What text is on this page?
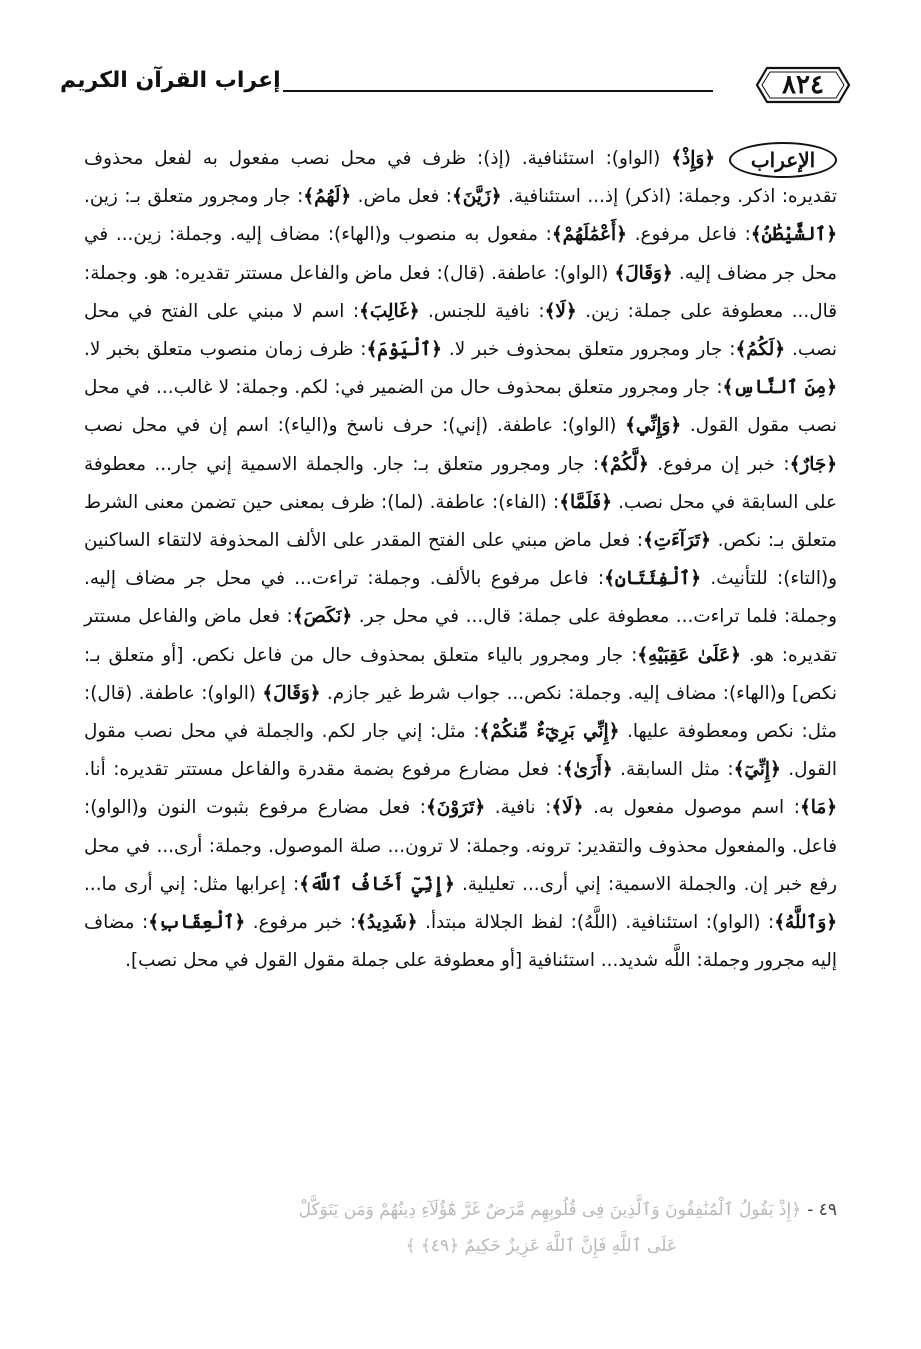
٨٢٤
إعراب القرآن الكريم
الإعراب
﴿وَإِذْ﴾ (الواو): استئنافية. (إذ): ظرف في محل نصب مفعول به لفعل محذوف تقديره: اذكر. وجملة: (اذكر) إذ... استئنافية. ﴿زَيَّنَ﴾: فعل ماض. ﴿لَهُمُ﴾: جار ومجرور متعلق بـ: زين. ﴿ٱلشَّيْطَٰنُ﴾: فاعل مرفوع. ﴿أَعْمَٰلَهُمْ﴾: مفعول به منصوب و(الهاء): مضاف إليه. وجملة: زين... في محل جر مضاف إليه. ﴿وَقَالَ﴾ (الواو): عاطفة. (قال): فعل ماض والفاعل مستتر تقديره: هو. وجملة: قال... معطوفة على جملة: زين. ﴿لَا﴾: نافية للجنس. ﴿غَالِبَ﴾: اسم لا مبني على الفتح في محل نصب. ﴿لَكُمُ﴾: جار ومجرور متعلق بمحذوف خبر لا. ﴿ٱلْيَوْمَ﴾: ظرف زمان منصوب متعلق بخبر لا. ﴿مِنَ ٱلنَّاسِ﴾: جار ومجرور متعلق بمحذوف حال من الضمير في: لكم. وجملة: لا غالب... في محل نصب مقول القول. ﴿وَإِنِّي﴾ (الواو): عاطفة. (إني): حرف ناسخ و(الياء): اسم إن في محل نصب ﴿جَارٌ﴾: خبر إن مرفوع. ﴿لَّكُمْ﴾: جار ومجرور متعلق بـ: جار. والجملة الاسمية إني جار... معطوفة على السابقة في محل نصب. ﴿فَلَمَّا﴾: (الفاء): عاطفة. (لما): ظرف بمعنى حين تضمن معنى الشرط متعلق بـ: نكص. ﴿تَرَآءَتِ﴾: فعل ماض مبني على الفتح المقدر على الألف المحذوفة لالتقاء الساكنين و(التاء): للتأنيث. ﴿ٱلْفِئَتَانِ﴾: فاعل مرفوع بالألف. وجملة: تراءت... في محل جر مضاف إليه. وجملة: فلما تراءت... معطوفة على جملة: قال... في محل جر. ﴿نَكَصَ﴾: فعل ماض والفاعل مستتر تقديره: هو. ﴿عَلَىٰ عَقِبَيْهِ﴾: جار ومجرور بالياء متعلق بمحذوف حال من فاعل نكص. [أو متعلق بـ: نكص] و(الهاء): مضاف إليه. وجملة: نكص... جواب شرط غير جازم. ﴿وَقَالَ﴾ (الواو): عاطفة. (قال): مثل: نكص ومعطوفة عليها. ﴿إِنِّي بَرِيٓءٌ مِّنكُمْ﴾: مثل: إني جار لكم. والجملة في محل نصب مقول القول. ﴿إِنِّيٓ﴾: مثل السابقة. ﴿أَرَىٰ﴾: فعل مضارع مرفوع بضمة مقدرة والفاعل مستتر تقديره: أنا. ﴿مَا﴾: اسم موصول مفعول به. ﴿لَا﴾: نافية. ﴿تَرَوْنَ﴾: فعل مضارع مرفوع بثبوت النون و(الواو): فاعل. والمفعول محذوف والتقدير: ترونه. وجملة: لا ترون... صلة الموصول. وجملة: أرى... في محل رفع خبر إن. والجملة الاسمية: إني أرى... تعليلية. ﴿إِنِّيٓ أَخَافُ ٱللَّهَ﴾: إعرابها مثل: إني أرى ما... ﴿وَٱللَّهُ﴾: (الواو): استئنافية. (اللَّهُ): لفظ الجلالة مبتدأ. ﴿شَدِيدُ﴾: خبر مرفوع. ﴿ٱلْعِقَابِ﴾: مضاف إليه مجرور وجملة: اللَّه شديد... استئنافية [أو معطوفة على جملة مقول القول في محل نصب].
٤٩ -﴿إِذْ يَقُولُ ٱلْمُنَٰفِقُونَ وَٱلَّذِينَ فِى قُلُوبِهِم مَّرَضٌ غَرَّ هَٰٓؤُلَآءِ دِينُهُمْ وَمَن يَتَوَكَّلْ
عَلَى ٱللَّهِ فَإِنَّ ٱللَّهَ عَزِيزٌ حَكِيمٌ ﴿٤٩﴾ ﴾
